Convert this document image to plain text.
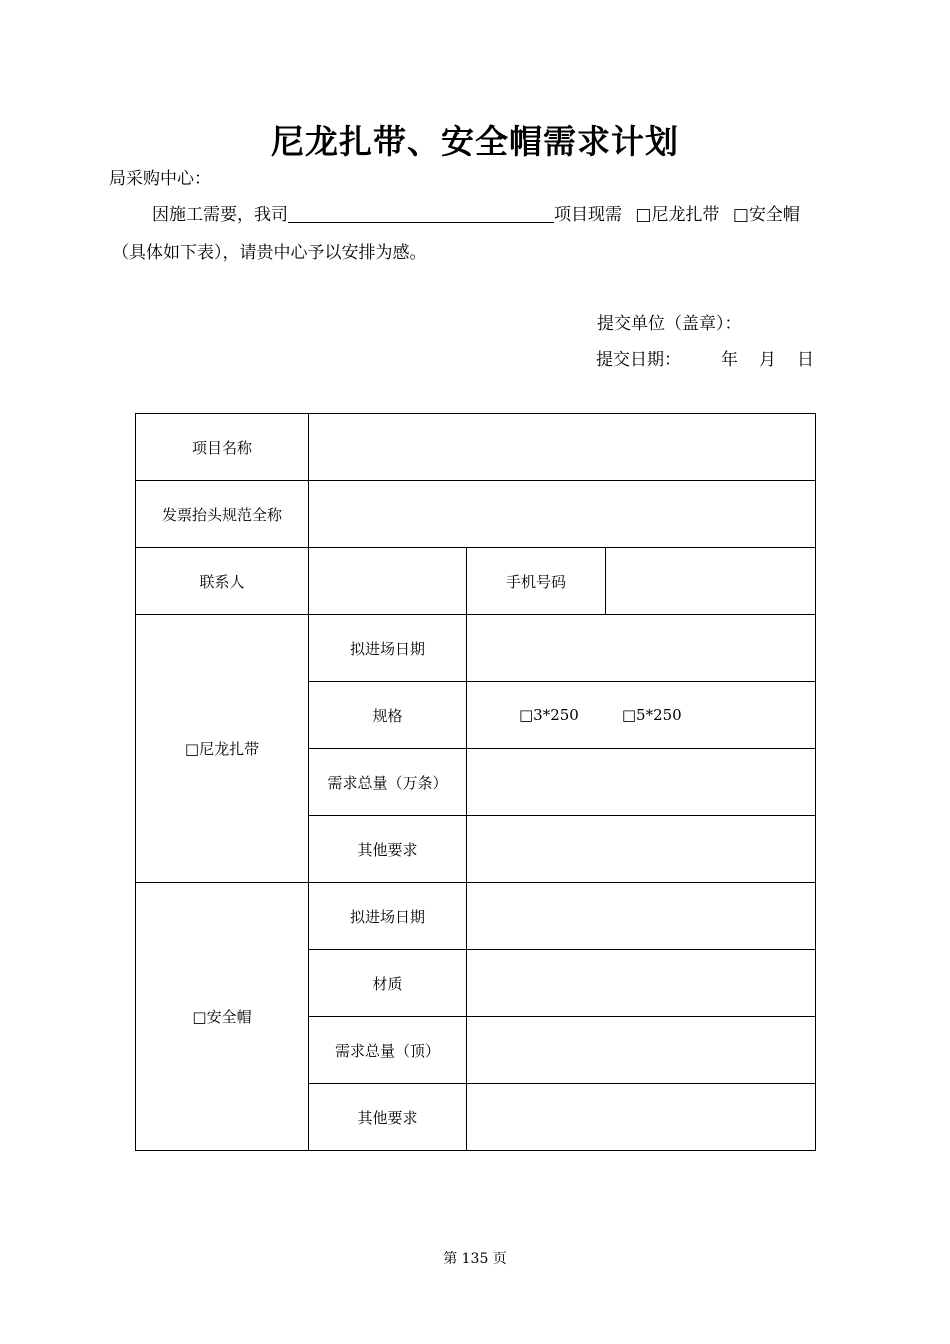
尼龙扎带、安全帽需求计划
局采购中心：
因施工需要，我司	项目现需 □尼龙扎带 □安全帽
（具体如下表），请贵中心予以安排为感。
提交单位（盖章）：
提交日期： 年 月 日
项目名称			
发票抬头规范全称			
联系人		手机号码	
□尼龙扎带	拟进场日期		
	规格	□3*250 □5*250	
	需求总量（万条）		
	其他要求		
□安全帽	拟进场日期		
	材质		
	需求总量（顶）		
	其他要求		
第 135 页
